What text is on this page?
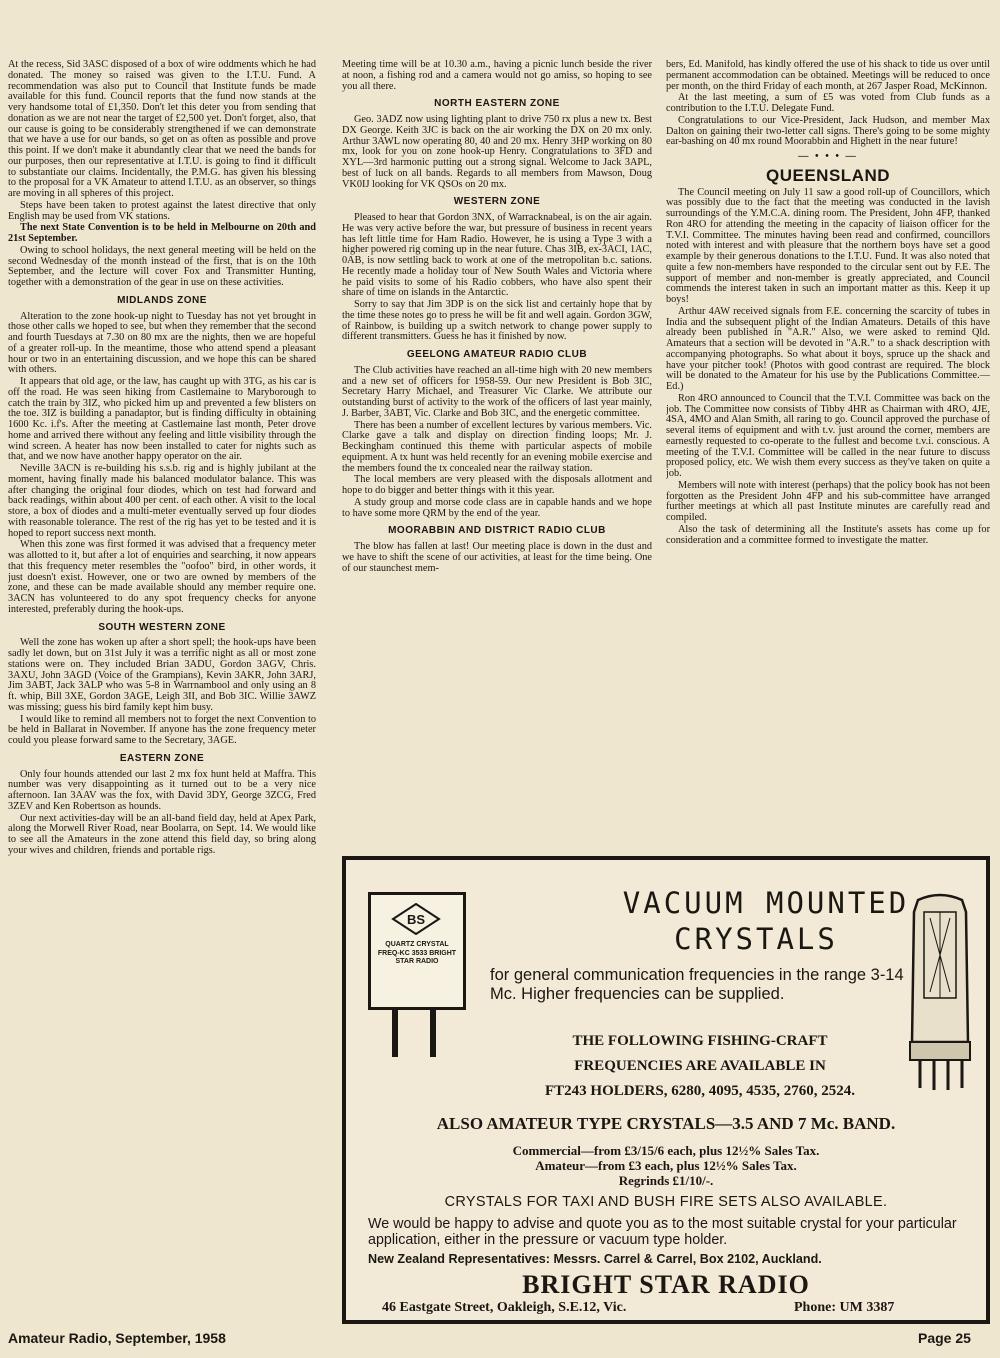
At the recess, Sid 3ASC disposed of a box of wire oddments which he had donated. The money so raised was given to the I.T.U. Fund. A recommendation was also put to Council that Institute funds be made available for this fund. Council reports that the fund now stands at the very handsome total of £1,350. Don't let this deter you from sending that donation as we are not near the target of £2,500 yet. Don't forget, also, that our cause is going to be considerably strengthened if we can demonstrate that we have a use for our bands, so get on as often as possible and prove this point. If we don't make it abundantly clear that we need the bands for our purposes, then our representative at I.T.U. is going to find it difficult to substantiate our claims. Incidentally, the P.M.G. has given his blessing to the proposal for a VK Amateur to attend I.T.U. as an observer, so things are moving in all spheres of this project.

Steps have been taken to protest against the latest directive that only English may be used from VK stations.

The next State Convention is to be held in Melbourne on 20th and 21st September.

Owing to school holidays, the next general meeting will be held on the second Wednesday of the month instead of the first, that is on the 10th September, and the lecture will cover Fox and Transmitter Hunting, together with a demonstration of the gear in use on these activities.

MIDLANDS ZONE

Alteration to the zone hook-up night to Tuesday has not yet brought in those other calls we hoped to see, but when they remember that the second and fourth Tuesdays at 7.30 on 80 mx are the nights, then we are hopeful of a greater roll-up. In the meantime, those who attend spend a pleasant hour or two in an entertaining discussion, and we hope this can be shared with others.

It appears that old age, or the law, has caught up with 3TG, as his car is off the road. He was seen hiking from Castlemaine to Maryborough to catch the train by 3IZ, who picked him up and prevented a few blisters on the toe. 3IZ is building a panadaptor, but is finding difficulty in obtaining 1600 Kc. i.f's. After the meeting at Castlemaine last month, Peter drove home and arrived there without any feeling and little visibility through the wind screen. A heater has now been installed to cater for nights such as that, and we now have another happy operator on the air.

Neville 3ACN is re-building his s.s.b. rig and is highly jubilant at the moment, having finally made his balanced modulator balance. This was after changing the original four diodes, which on test had forward and back readings, within about 400 per cent. of each other. A visit to the local store, a box of diodes and a multi-meter eventually served up four diodes with reasonable tolerance. The rest of the rig has yet to be tested and it is hoped to report success next month.

When this zone was first formed it was advised that a frequency meter was allotted to it, but after a lot of enquiries and searching, it now appears that this frequency meter resembles the "oofoo" bird, in other words, it just doesn't exist. However, one or two are owned by members of the zone, and these can be made available should any member require one. 3ACN has volunteered to do any spot frequency checks for anyone interested, preferably during the hook-ups.

SOUTH WESTERN ZONE

Well the zone has woken up after a short spell; the hook-ups have been sadly let down, but on 31st July it was a terrific night as all or most zone stations were on. They included Brian 3ADU, Gordon 3AGV, Chris. 3AXU, John 3AGD (Voice of the Grampians), Kevin 3AKR, John 3ARJ, Jim 3ABT, Jack 3ALP who was 5-8 in Warrnambool and only using an 8 ft. whip, Bill 3XE, Gordon 3AGE, Leigh 3II, and Bob 3IC. Willie 3AWZ was missing; guess his bird family kept him busy.

I would like to remind all members not to forget the next Convention to be held in Ballarat in November. If anyone has the zone frequency meter could you please forward same to the Secretary, 3AGE.

EASTERN ZONE

Only four hounds attended our last 2 mx fox hunt held at Maffra. This number was very disappointing as it turned out to be a very nice afternoon. Ian 3AAV was the fox, with David 3DY, George 3ZCG, Fred 3ZEV and Ken Robertson as hounds.

Our next activities-day will be an all-band field day, held at Apex Park, along the Morwell River Road, near Boolarra, on Sept. 14. We would like to see all the Amateurs in the zone attend this field day, so bring along your wives and children, friends and portable rigs.

Meeting time will be at 10.30 a.m., having a picnic lunch beside the river at noon, a fishing rod and a camera would not go amiss, so hoping to see you all there.

NORTH EASTERN ZONE

Geo. 3ADZ now using lighting plant to drive 750 rx plus a new tx. Best DX George. Keith 3JC is back on the air working the DX on 20 mx only. Arthur 3AWL now operating 80, 40 and 20 mx. Henry 3HP working on 80 mx, look for you on zone hook-up Henry. Congratulations to 3FD and XYL—3rd harmonic putting out a strong signal. Welcome to Jack 3APL, best of luck on all bands. Regards to all members from Mawson, Doug VK0IJ looking for VK QSOs on 20 mx.

WESTERN ZONE

Pleased to hear that Gordon 3NX, of Warracknabeal, is on the air again. He was very active before the war, but pressure of business in recent years has left little time for Ham Radio. However, he is using a Type 3 with a higher powered rig coming up in the near future. Chas 3IB, ex-3ACI, 1AC, 0AB, is now settling back to work at one of the metropolitan b.c. sations. He recently made a holiday tour of New South Wales and Victoria where he paid visits to some of his Radio cobbers, who have also spent their share of time on islands in the Antarctic.

Sorry to say that Jim 3DP is on the sick list and certainly hope that by the time these notes go to press he will be fit and well again. Gordon 3GW, of Rainbow, is building up a switch network to change power supply to different transmitters. Guess he has it finished by now.

GEELONG AMATEUR RADIO CLUB

The Club activities have reached an all-time high with 20 new members and a new set of officers for 1958-59. Our new President is Bob 3IC, Secretary Harry Michael, and Treasurer Vic Clarke. We attribute our outstanding burst of activity to the work of the officers of last year mainly, J. Barber, 3ABT, Vic. Clarke and Bob 3IC, and the energetic committee.

There has been a number of excellent lectures by various members. Vic. Clarke gave a talk and display on direction finding loops; Mr. J. Beckingham continued this theme with particular aspects of mobile equipment. A tx hunt was held recently for an evening mobile exercise and the members found the tx concealed near the railway station.

The local members are very pleased with the disposals allotment and hope to do bigger and better things with it this year.

A study group and morse code class are in capable hands and we hope to have some more QRM by the end of the year.

MOORABBIN AND DISTRICT RADIO CLUB

The blow has fallen at last! Our meeting place is down in the dust and we have to shift the scene of our activities, at least for the time being. One of our staunchest mem-

bers, Ed. Manifold, has kindly offered the use of his shack to tide us over until permanent accommodation can be obtained. Meetings will be reduced to once per month, on the third Friday of each month, at 267 Jasper Road, McKinnon.

At the last meeting, a sum of £5 was voted from Club funds as a contribution to the I.T.U. Delegate Fund.

Congratulations to our Vice-President, Jack Hudson, and member Max Dalton on gaining their two-letter call signs. There's going to be some mighty ear-bashing on 40 mx round Moorabbin and Highett in the near future!

— • • • —
QUEENSLAND

The Council meeting on July 11 saw a good roll-up of Councillors, which was possibly due to the fact that the meeting was conducted in the lavish surroundings of the Y.M.C.A. dining room. The President, John 4FP, thanked Ron 4RO for attending the meeting in the capacity of liaison officer for the T.V.I. Committee. The minutes having been read and confirmed, councillors noted with interest and with pleasure that the northern boys have set a good example by their generous donations to the I.T.U. Fund. It was also noted that quite a few non-members have responded to the circular sent out by F.E. The support of member and non-member is greatly appreciated, and Council commends the interest taken in such an important matter as this. Keep it up boys!

Arthur 4AW received signals from F.E. concerning the scarcity of tubes in India and the subsequent plight of the Indian Amateurs. Details of this have already been published in "A.R." Also, we were asked to remind Qld. Amateurs that a section will be devoted in "A.R." to a shack description with accompanying photographs. So what about it boys, spruce up the shack and have your pitcher took! (Photos with good contrast are required. The block will be donated to the Amateur for his use by the Publications Committee.—Ed.)

Ron 4RO announced to Council that the T.V.I. Committee was back on the job. The Committee now consists of Tibby 4HR as Chairman with 4RO, 4JE, 4SA, 4MO and Alan Smith, all raring to go. Council approved the purchase of several items of equipment and with t.v. just around the corner, members are earnestly requested to co-operate to the fullest and become t.v.i. conscious. A meeting of the T.V.I. Committee will be called in the near future to discuss proposed policy, etc. We wish them every success as they've taken on quite a job.

Members will note with interest (perhaps) that the policy book has not been forgotten as the President John 4FP and his sub-committee have arranged further meetings at which all past Institute minutes are carefully read and compiled.

Also the task of determining all the Institute's assets has come up for consideration and a committee formed to investigate the matter.

BS
QUARTZ CRYSTAL FREQ-KC 3533 BRIGHT STAR RADIO
VACUUM MOUNTED
CRYSTALS
for general communication frequencies in the range 3-14 Mc. Higher frequencies can be supplied.
THE FOLLOWING FISHING-CRAFT
FREQUENCIES ARE AVAILABLE IN
FT243 HOLDERS, 6280, 4095, 4535, 2760, 2524.
ALSO AMATEUR TYPE CRYSTALS—3.5 AND 7 Mc. BAND.
Commercial—from £3/15/6 each, plus 12½% Sales Tax.
Amateur—from £3 each, plus 12½% Sales Tax.
Regrinds £1/10/-.
CRYSTALS FOR TAXI AND BUSH FIRE SETS ALSO AVAILABLE.
We would be happy to advise and quote you as to the most suitable crystal for your particular application, either in the pressure or vacuum type holder.
New Zealand Representatives: Messrs. Carrel & Carrel, Box 2102, Auckland.
BRIGHT STAR RADIO
46 Eastgate Street, Oakleigh, S.E.12, Vic.	Phone: UM 3387
Amateur Radio, September, 1958	Page 25
